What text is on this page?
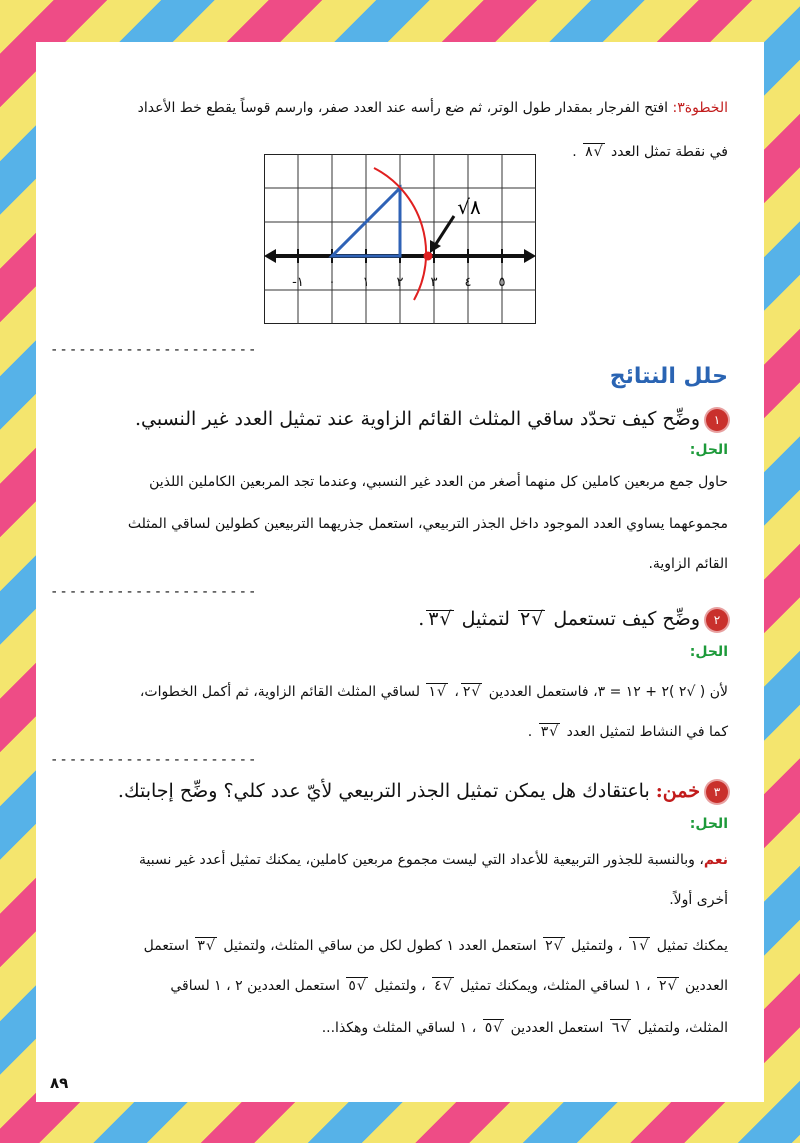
الخطوة٣: افتح الفرجار بمقدار طول الوتر، ثم ضع رأسه عند العدد صفر، وارسم قوساً يقطع خط الأعداد
في نقطة تمثل العدد √ ٨ .
√٨
١- ٠ ١ ٢ ٣ ٤ ٥
----------------------
حلل النتائج
١وضِّح كيف تحدّد ساقي المثلث القائم الزاوية عند تمثيل العدد غير النسبي.
الحل:
حاول جمع مربعين كاملين كل منهما أصغر من العدد غير النسبي، وعندما تجد المربعين الكاملين اللذين
مجموعهما يساوي العدد الموجود داخل الجذر التربيعي، استعمل جذريهما التربيعين كطولين لساقي المثلث
القائم الزاوية.
----------------------
٢وضِّح كيف تستعمل √ ٢ لتمثيل √ ٣.
الحل:
لأن ( √٢ )٢ + ١٢ = ٣، فاستعمل العددين √ ٢، √ ١ لساقي المثلث القائم الزاوية، ثم أكمل الخطوات،
كما في النشاط لتمثيل العدد √ ٣ .
----------------------
٣خمن: باعتقادك هل يمكن تمثيل الجذر التربيعي لأيّ عدد كلي؟ وضِّح إجابتك.
الحل:
نعم، وبالنسبة للجذور التربيعية للأعداد التي ليست مجموع مربعين كاملين، يمكنك تمثيل أعدد غير نسبية
أخرى أولاً.
يمكنك تمثيل √ ١ ، ولتمثيل √ ٢ استعمل العدد ١ كطول لكل من ساقي المثلث، ولتمثيل √ ٣ استعمل
العددين √ ٢ ، ١ لساقي المثلث، ويمكنك تمثيل √ ٤ ، ولتمثيل √ ٥ استعمل العددين ٢ ، ١ لساقي
المثلث، ولتمثيل √ ٦ استعمل العددين √ ٥ ، ١ لساقي المثلث وهكذا...
٨٩
